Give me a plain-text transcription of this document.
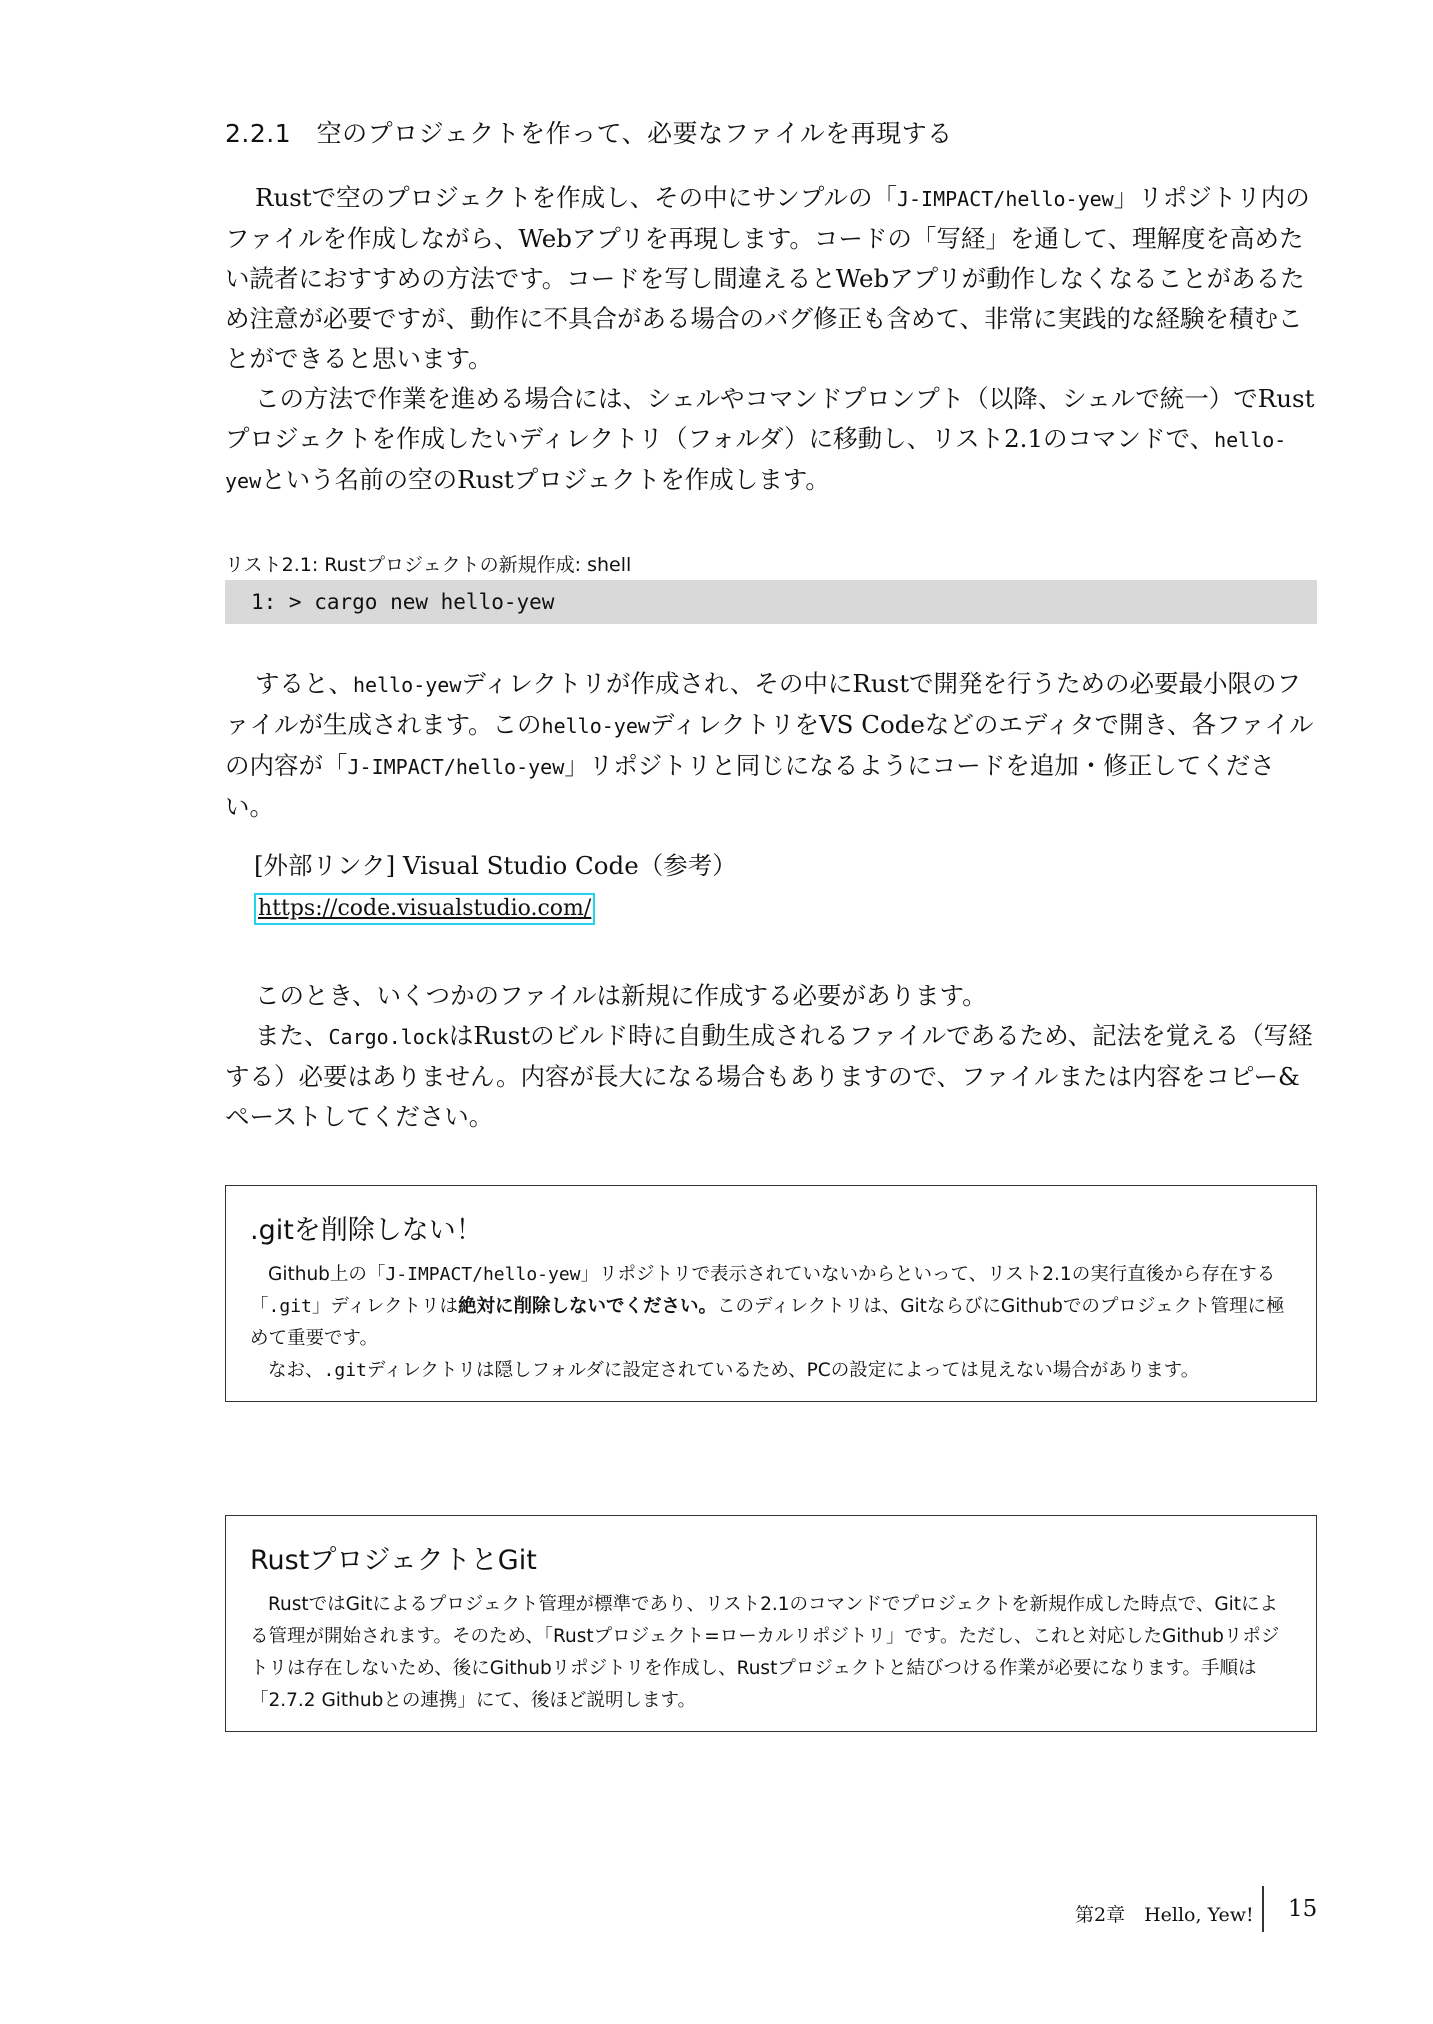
2.2.1　空のプロジェクトを作って、必要なファイルを再現する

Rustで空のプロジェクトを作成し、その中にサンプルの「J-IMPACT/hello-yew」リポジトリ内のファイルを作成しながら、Webアプリを再現します。コードの「写経」を通して、理解度を高めたい読者におすすめの方法です。コードを写し間違えるとWebアプリが動作しなくなることがあるため注意が必要ですが、動作に不具合がある場合のバグ修正も含めて、非常に実践的な経験を積むことができると思います。

この方法で作業を進める場合には、シェルやコマンドプロンプト（以降、シェルで統一）でRustプロジェクトを作成したいディレクトリ（フォルダ）に移動し、リスト2.1のコマンドで、hello-yewという名前の空のRustプロジェクトを作成します。

リスト2.1: Rustプロジェクトの新規作成: shell
1: > cargo new hello-yew

すると、hello-yewディレクトリが作成され、その中にRustで開発を行うための必要最小限のファイルが生成されます。このhello-yewディレクトリをVS Codeなどのエディタで開き、各ファイルの内容が「J-IMPACT/hello-yew」リポジトリと同じになるようにコードを追加・修正してください。

[外部リンク] Visual Studio Code（参考）
https://code.visualstudio.com/

このとき、いくつかのファイルは新規に作成する必要があります。

また、Cargo.lockはRustのビルド時に自動生成されるファイルであるため、記法を覚える（写経する）必要はありません。内容が長大になる場合もありますので、ファイルまたは内容をコピー&ペーストしてください。

.gitを削除しない！

Github上の「J-IMPACT/hello-yew」リポジトリで表示されていないからといって、リスト2.1の実行直後から存在する「.git」ディレクトリは絶対に削除しないでください。このディレクトリは、GitならびにGithubでのプロジェクト管理に極めて重要です。

なお、.gitディレクトリは隠しフォルダに設定されているため、PCの設定によっては見えない場合があります。

RustプロジェクトとGit

RustではGitによるプロジェクト管理が標準であり、リスト2.1のコマンドでプロジェクトを新規作成した時点で、Gitによる管理が開始されます。そのため、「Rustプロジェクト=ローカルリポジトリ」です。ただし、これと対応したGithubリポジトリは存在しないため、後にGithubリポジトリを作成し、Rustプロジェクトと結びつける作業が必要になります。手順は「2.7.2 Githubとの連携」にて、後ほど説明します。

第2章　Hello, Yew! 15
